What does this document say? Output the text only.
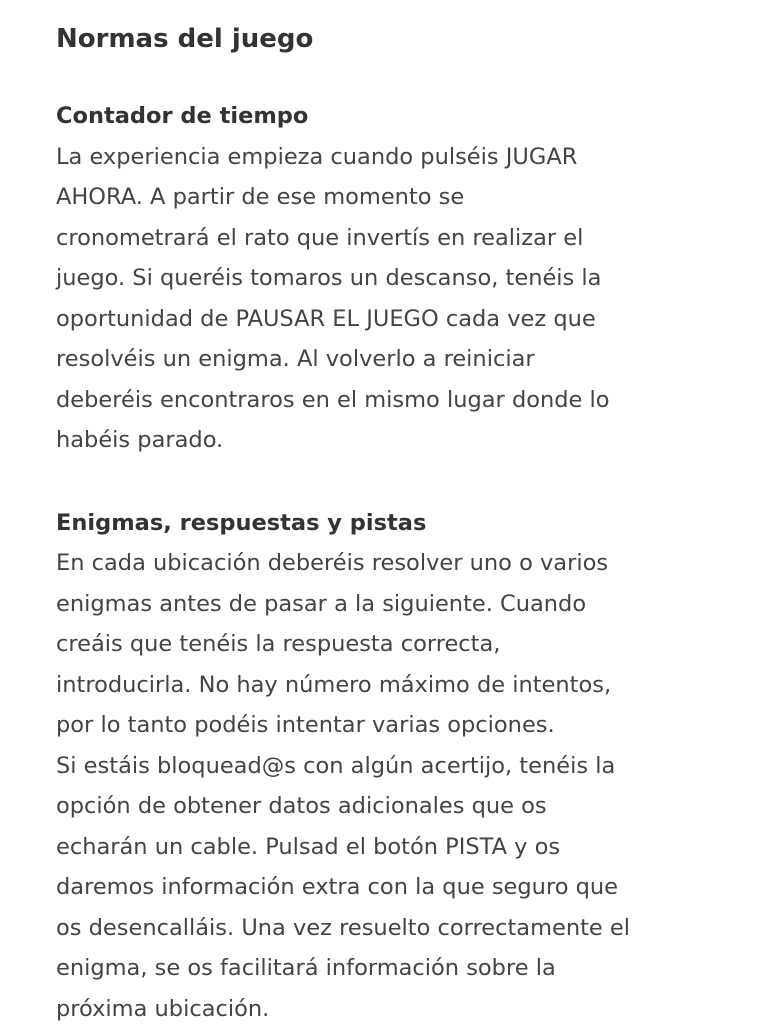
Normas del juego
Contador de tiempo
La experiencia empieza cuando pulséis JUGAR
AHORA. A partir de ese momento se
cronometrará el rato que invertís en realizar el
juego. Si queréis tomaros un descanso, tenéis la
oportunidad de PAUSAR EL JUEGO cada vez que
resolvéis un enigma. Al volverlo a reiniciar
deberéis encontraros en el mismo lugar donde lo
habéis parado.
Enigmas, respuestas y pistas
En cada ubicación deberéis resolver uno o varios
enigmas antes de pasar a la siguiente. Cuando
creáis que tenéis la respuesta correcta,
introducirla. No hay número máximo de intentos,
por lo tanto podéis intentar varias opciones.
Si estáis bloquead@s con algún acertijo, tenéis la
opción de obtener datos adicionales que os
echarán un cable. Pulsad el botón PISTA y os
daremos información extra con la que seguro que
os desencalláis. Una vez resuelto correctamente el
enigma, se os facilitará información sobre la
próxima ubicación.
